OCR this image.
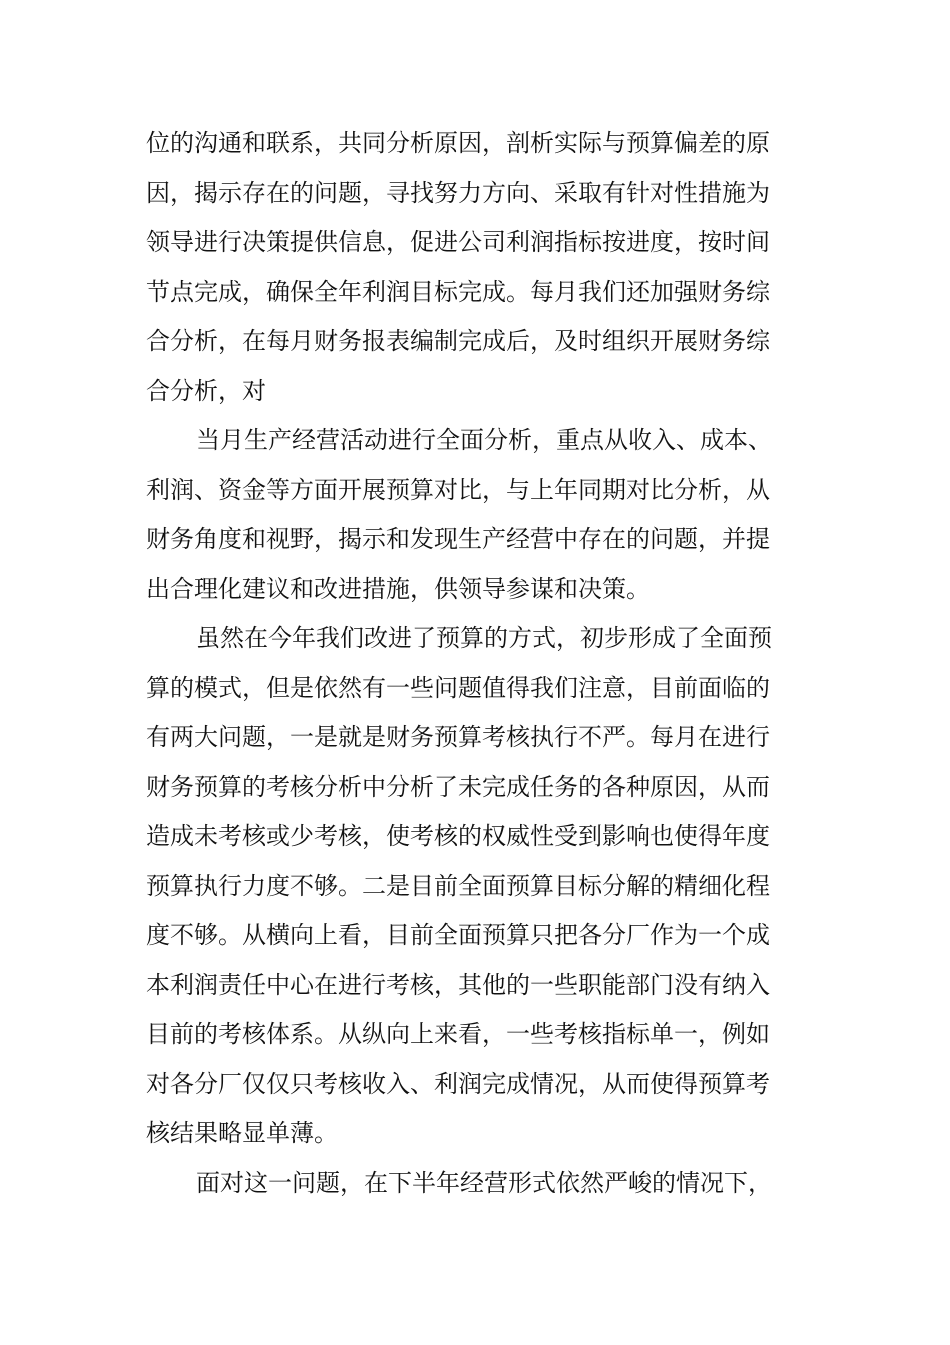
位的沟通和联系，共同分析原因，剖析实际与预算偏差的原
因，揭示存在的问题，寻找努力方向、采取有针对性措施为
领导进行决策提供信息，促进公司利润指标按进度，按时间
节点完成，确保全年利润目标完成。每月我们还加强财务综
合分析，在每月财务报表编制完成后，及时组织开展财务综
合分析，对
当月生产经营活动进行全面分析，重点从收入、成本、
利润、资金等方面开展预算对比，与上年同期对比分析，从
财务角度和视野，揭示和发现生产经营中存在的问题，并提
出合理化建议和改进措施，供领导参谋和决策。
虽然在今年我们改进了预算的方式，初步形成了全面预
算的模式，但是依然有一些问题值得我们注意，目前面临的
有两大问题，一是就是财务预算考核执行不严。每月在进行
财务预算的考核分析中分析了未完成任务的各种原因，从而
造成未考核或少考核，使考核的权威性受到影响也使得年度
预算执行力度不够。二是目前全面预算目标分解的精细化程
度不够。从横向上看，目前全面预算只把各分厂作为一个成
本利润责任中心在进行考核，其他的一些职能部门没有纳入
目前的考核体系。从纵向上来看，一些考核指标单一，例如
对各分厂仅仅只考核收入、利润完成情况，从而使得预算考
核结果略显单薄。
面对这一问题，在下半年经营形式依然严峻的情况下，
